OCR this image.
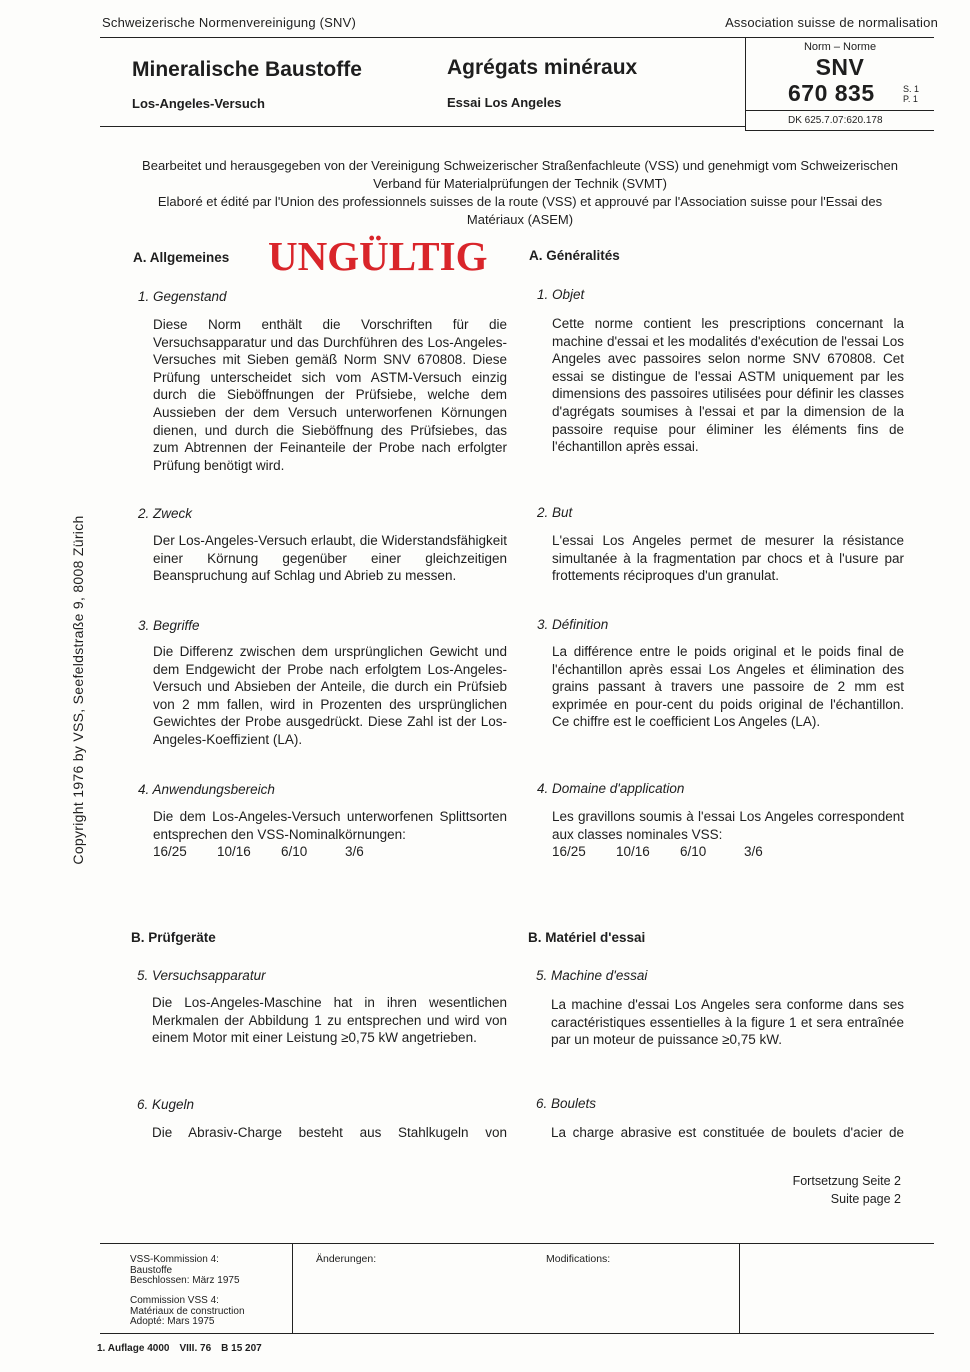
Schweizerische Normenvereinigung (SNV)	Association suisse de normalisation
Mineralische Baustoffe
Los-Angeles-Versuch
Agrégats minéraux
Essai Los Angeles
Norm – Norme
SNV
670 835	S. 1
P. 1
DK 625.7.07:620.178

Bearbeitet und herausgegeben von der Vereinigung Schweizerischer Straßenfachleute (VSS) und genehmigt vom Schweizerischen Verband für Materialprüfungen der Technik (SVMT)

Elaboré et édité par l'Union des professionnels suisses de la route (VSS) et approuvé par l'Association suisse pour l'Essai des Matériaux (ASEM)

A. Allgemeines UNGÜLTIG	A. Généralités
1. Gegenstand	1. Objet
Diese Norm enthält die Vorschriften für die Versuchsapparatur und das Durchführen des Los-Angeles-Versuches mit Sieben gemäß Norm SNV 670808. Diese Prüfung unterscheidet sich vom ASTM-Versuch einzig durch die Sieböffnungen der Prüfsiebe, welche dem Aussieben der dem Versuch unterworfenen Körnungen dienen, und durch die Sieböffnung des Prüfsiebes, das zum Abtrennen der Feinanteile der Probe nach erfolgter Prüfung benötigt wird.
Cette norme contient les prescriptions concernant la machine d'essai et les modalités d'exécution de l'essai Los Angeles avec passoires selon norme SNV 670808. Cet essai se distingue de l'essai ASTM uniquement par les dimensions des passoires utilisées pour définir les classes d'agrégats soumises à l'essai et par la dimension de la passoire requise pour éliminer les éléments fins de l'échantillon après essai.
2. Zweck	2. But
Der Los-Angeles-Versuch erlaubt, die Widerstandsfähigkeit einer Körnung gegenüber einer gleichzeitigen Beanspruchung auf Schlag und Abrieb zu messen.
L'essai Los Angeles permet de mesurer la résistance simultanée à la fragmentation par chocs et à l'usure par frottements réciproques d'un granulat.
3. Begriffe	3. Définition
Die Differenz zwischen dem ursprünglichen Gewicht und dem Endgewicht der Probe nach erfolgtem Los-Angeles-Versuch und Absieben der Anteile, die durch ein Prüfsieb von 2 mm fallen, wird in Prozenten des ursprünglichen Gewichtes der Probe ausgedrückt. Diese Zahl ist der Los-Angeles-Koeffizient (LA).
La différence entre le poids original et le poids final de l'échantillon après essai Los Angeles et élimination des grains passant à travers une passoire de 2 mm est exprimée en pour-cent du poids original de l'échantillon. Ce chiffre est le coefficient Los Angeles (LA).
4. Anwendungsbereich	4. Domaine d'application
Die dem Los-Angeles-Versuch unterworfenen Splittsorten entsprechen den VSS-Nominalkörnungen:
Les gravillons soumis à l'essai Los Angeles correspondent aux classes nominales VSS:
16/25 10/16 6/10	3/6	16/25 10/16 6/10	3/6
B. Prüfgeräte	B. Matériel d'essai
5. Versuchsapparatur	5. Machine d'essai
Die Los-Angeles-Maschine hat in ihren wesentlichen Merkmalen der Abbildung 1 zu entsprechen und wird von einem Motor mit einer Leistung ≥0,75 kW angetrieben.
La machine d'essai Los Angeles sera conforme dans ses caractéristiques essentielles à la figure 1 et sera entraînée par un moteur de puissance ≥0,75 kW.
6. Kugeln	6. Boulets
Die Abrasiv-Charge besteht aus Stahlkugeln von	La charge abrasive est constituée de boulets d'acier de
Fortsetzung Seite 2
Suite page 2
VSS-Kommission 4:
Baustoffe
Beschlossen: März 1975
Commission VSS 4:
Matériaux de construction
Adopté: Mars 1975
Änderungen:	Modifications:
Copyright 1976 by VSS, Seefeldstraße 9, 8008 Zürich
1. Auflage 4000 VIII. 76 B 15 207
